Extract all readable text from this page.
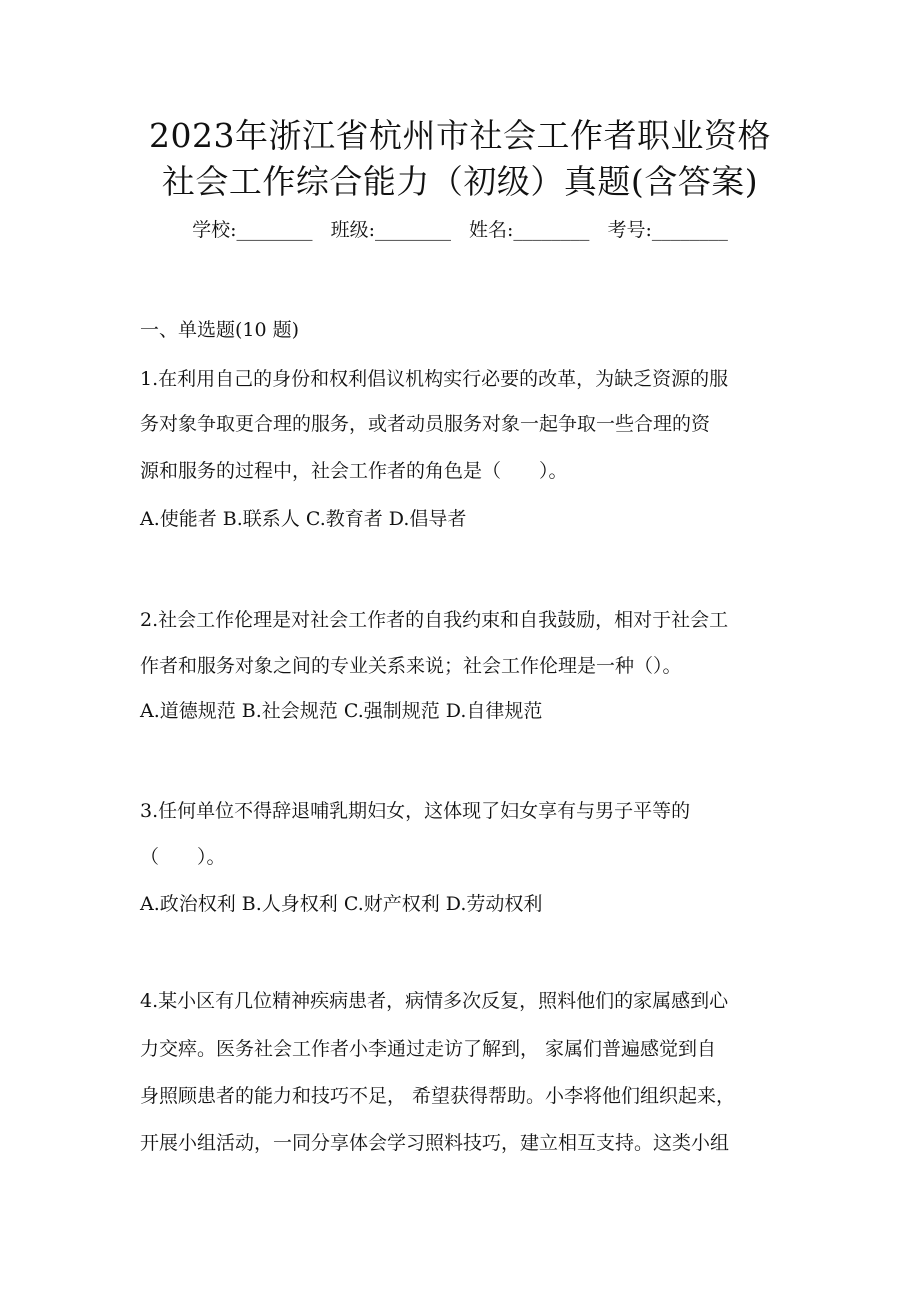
2023年浙江省杭州市社会工作者职业资格
社会工作综合能力（初级）真题(含答案)
学校:________ 班级:________ 姓名:________ 考号:________
一、单选题(10 题)
1.在利用自己的身份和权利倡议机构实行必要的改革，为缺乏资源的服
务对象争取更合理的服务，或者动员服务对象一起争取一些合理的资
源和服务的过程中，社会工作者的角色是（　　）。
A.使能者 B.联系人 C.教育者 D.倡导者
2.社会工作伦理是对社会工作者的自我约束和自我鼓励，相对于社会工
作者和服务对象之间的专业关系来说；社会工作伦理是一种（）。
A.道德规范 B.社会规范 C.强制规范 D.自律规范
3.任何单位不得辞退哺乳期妇女，这体现了妇女享有与男子平等的
（　　）。
A.政治权利 B.人身权利 C.财产权利 D.劳动权利
4.某小区有几位精神疾病患者，病情多次反复，照料他们的家属感到心
力交瘁。医务社会工作者小李通过走访了解到， 家属们普遍感觉到自
身照顾患者的能力和技巧不足， 希望获得帮助。小李将他们组织起来，
开展小组活动，一同分享体会学习照料技巧，建立相互支持。这类小组
